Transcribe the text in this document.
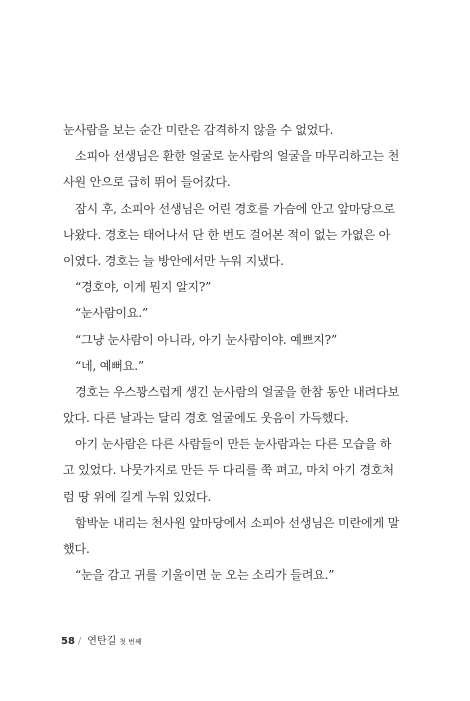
눈사람을 보는 순간 미란은 감격하지 않을 수 없었다.
소피아 선생님은 환한 얼굴로 눈사람의 얼굴을 마무리하고는 천
사원 안으로 급히 뛰어 들어갔다.
잠시 후, 소피아 선생님은 어린 경호를 가슴에 안고 앞마당으로
나왔다. 경호는 태어나서 단 한 번도 걸어본 적이 없는 가엾은 아
이였다. 경호는 늘 방안에서만 누워 지냈다.
“경호야, 이게 뭔지 알지?”
“눈사람이요.”
“그냥 눈사람이 아니라, 아기 눈사람이야. 예쁘지?”
“네, 예뻐요.”
경호는 우스꽝스럽게 생긴 눈사람의 얼굴을 한참 동안 내려다보
았다. 다른 날과는 달리 경호 얼굴에도 웃음이 가득했다.
아기 눈사람은 다른 사람들이 만든 눈사람과는 다른 모습을 하
고 있었다. 나뭇가지로 만든 두 다리를 쭉 펴고, 마치 아기 경호처
럼 땅 위에 길게 누워 있었다.
함박눈 내리는 천사원 앞마당에서 소피아 선생님은 미란에게 말
했다.
“눈을 감고 귀를 기울이면 눈 오는 소리가 들려요.”
58 / 연탄길 첫 번째
